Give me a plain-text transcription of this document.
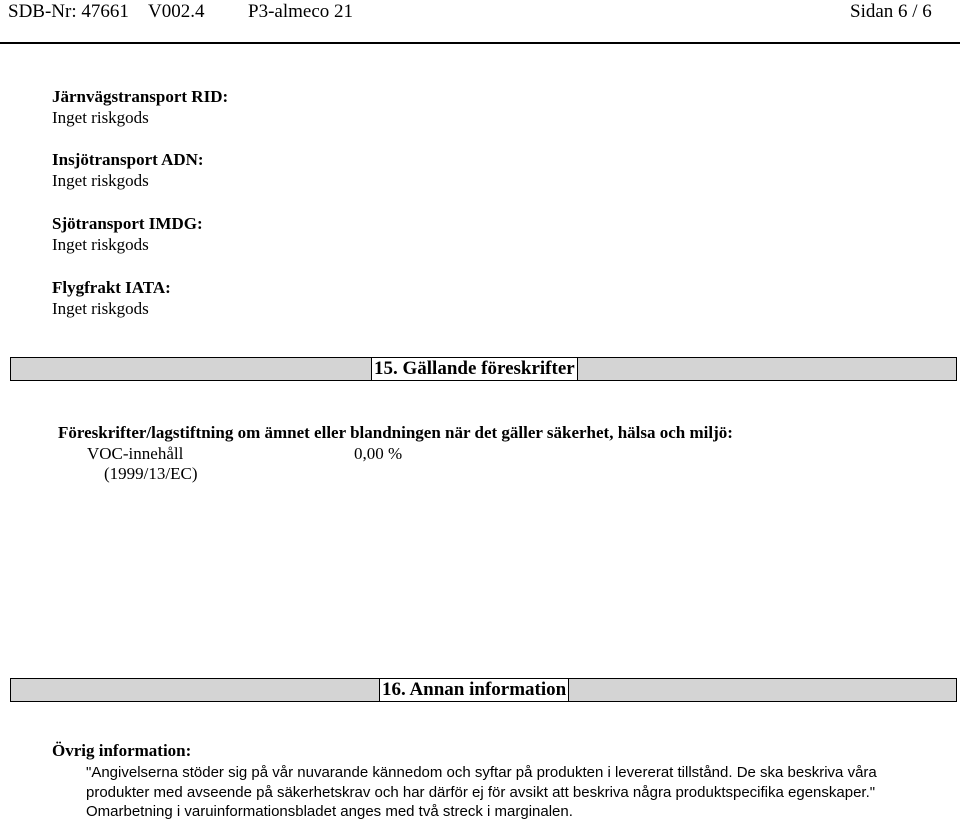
SDB-Nr: 47661 V002.4 P3-almeco 21	Sidan 6 / 6
Järnvägstransport RID:
Inget riskgods
Insjötransport ADN:
Inget riskgods
Sjötransport IMDG:
Inget riskgods
Flygfrakt IATA:
Inget riskgods
15. Gällande föreskrifter
Föreskrifter/lagstiftning om ämnet eller blandningen när det gäller säkerhet, hälsa och miljö:
VOC-innehåll	0,00 %
(1999/13/EC)
16. Annan information
Övrig information:
"Angivelserna stöder sig på vår nuvarande kännedom och syftar på produkten i levererat tillstånd. De ska beskriva våra
produkter med avseende på säkerhetskrav och har därför ej för avsikt att beskriva några produktspecifika egenskaper."
Omarbetning i varuinformationsbladet anges med två streck i marginalen.
